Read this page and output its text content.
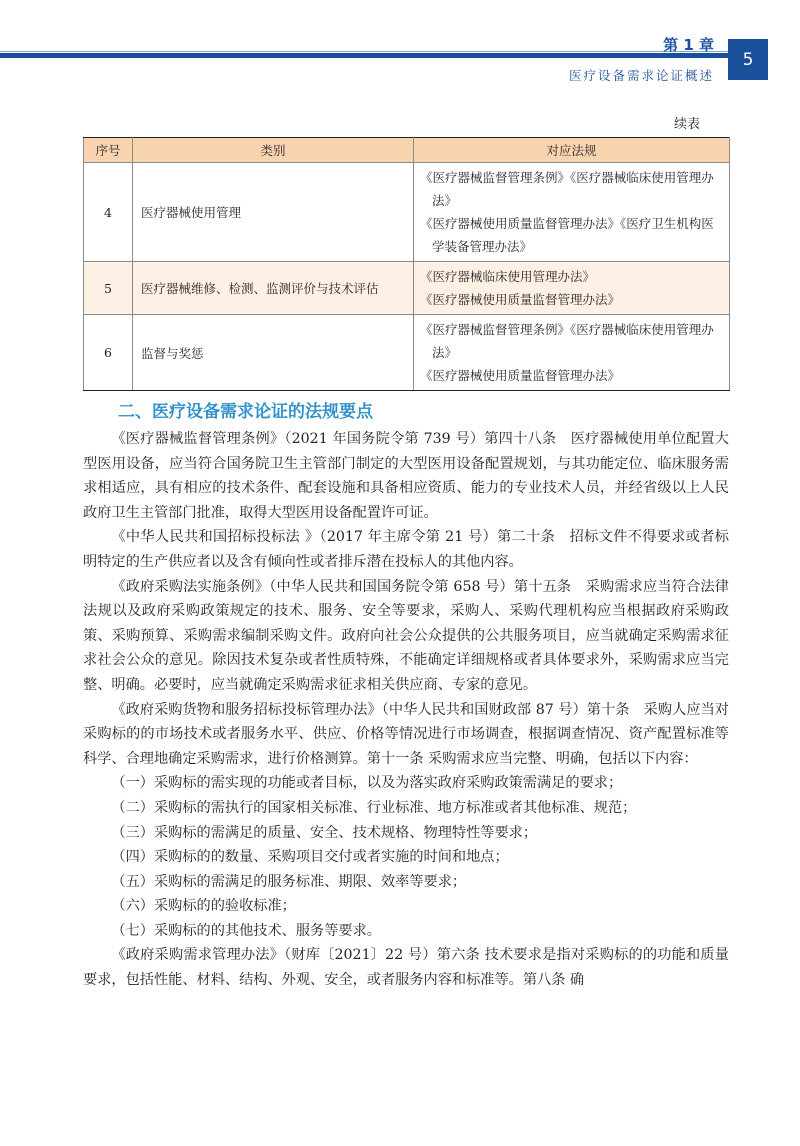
第 1 章
医疗设备需求论证概述
5
续表
序号	类别	对应法规
4	医疗器械使用管理	《医疗器械监督管理条例》《医疗器械临床使用管理办法》
《医疗器械使用质量监督管理办法》《医疗卫生机构医学装备管理办法》

5	医疗器械维修、检测、监测评价与技术评估	《医疗器械临床使用管理办法》
《医疗器械使用质量监督管理办法》

6	监督与奖惩	《医疗器械监督管理条例》《医疗器械临床使用管理办法》
《医疗器械使用质量监督管理办法》
二、医疗设备需求论证的法规要点

《医疗器械监督管理条例》（2021 年国务院令第 739 号）第四十八条　医疗器械使用单位配置大型医用设备，应当符合国务院卫生主管部门制定的大型医用设备配置规划，与其功能定位、临床服务需求相适应，具有相应的技术条件、配套设施和具备相应资质、能力的专业技术人员，并经省级以上人民政府卫生主管部门批准，取得大型医用设备配置许可证。

《中华人民共和国招标投标法 》（2017 年主席令第 21 号）第二十条　招标文件不得要求或者标明特定的生产供应者以及含有倾向性或者排斥潜在投标人的其他内容。

《政府采购法实施条例》（中华人民共和国国务院令第 658 号）第十五条　采购需求应当符合法律法规以及政府采购政策规定的技术、服务、安全等要求，采购人、采购代理机构应当根据政府采购政策、采购预算、采购需求编制采购文件。政府向社会公众提供的公共服务项目，应当就确定采购需求征求社会公众的意见。除因技术复杂或者性质特殊，不能确定详细规格或者具体要求外，采购需求应当完整、明确。必要时，应当就确定采购需求征求相关供应商、专家的意见。

《政府采购货物和服务招标投标管理办法》（中华人民共和国财政部 87 号）第十条　采购人应当对采购标的的市场技术或者服务水平、供应、价格等情况进行市场调查，根据调查情况、资产配置标准等科学、合理地确定采购需求，进行价格测算。第十一条 采购需求应当完整、明确，包括以下内容：

（一）采购标的需实现的功能或者目标，以及为落实政府采购政策需满足的要求；

（二）采购标的需执行的国家相关标准、行业标准、地方标准或者其他标准、规范；

（三）采购标的需满足的质量、安全、技术规格、物理特性等要求；

（四）采购标的的数量、采购项目交付或者实施的时间和地点；

（五）采购标的需满足的服务标准、期限、效率等要求；

（六）采购标的的验收标准；

（七）采购标的的其他技术、服务等要求。

《政府采购需求管理办法》（财库〔2021〕22 号）第六条 技术要求是指对采购标的的功能和质量要求，包括性能、材料、结构、外观、安全，或者服务内容和标准等。第八条 确
